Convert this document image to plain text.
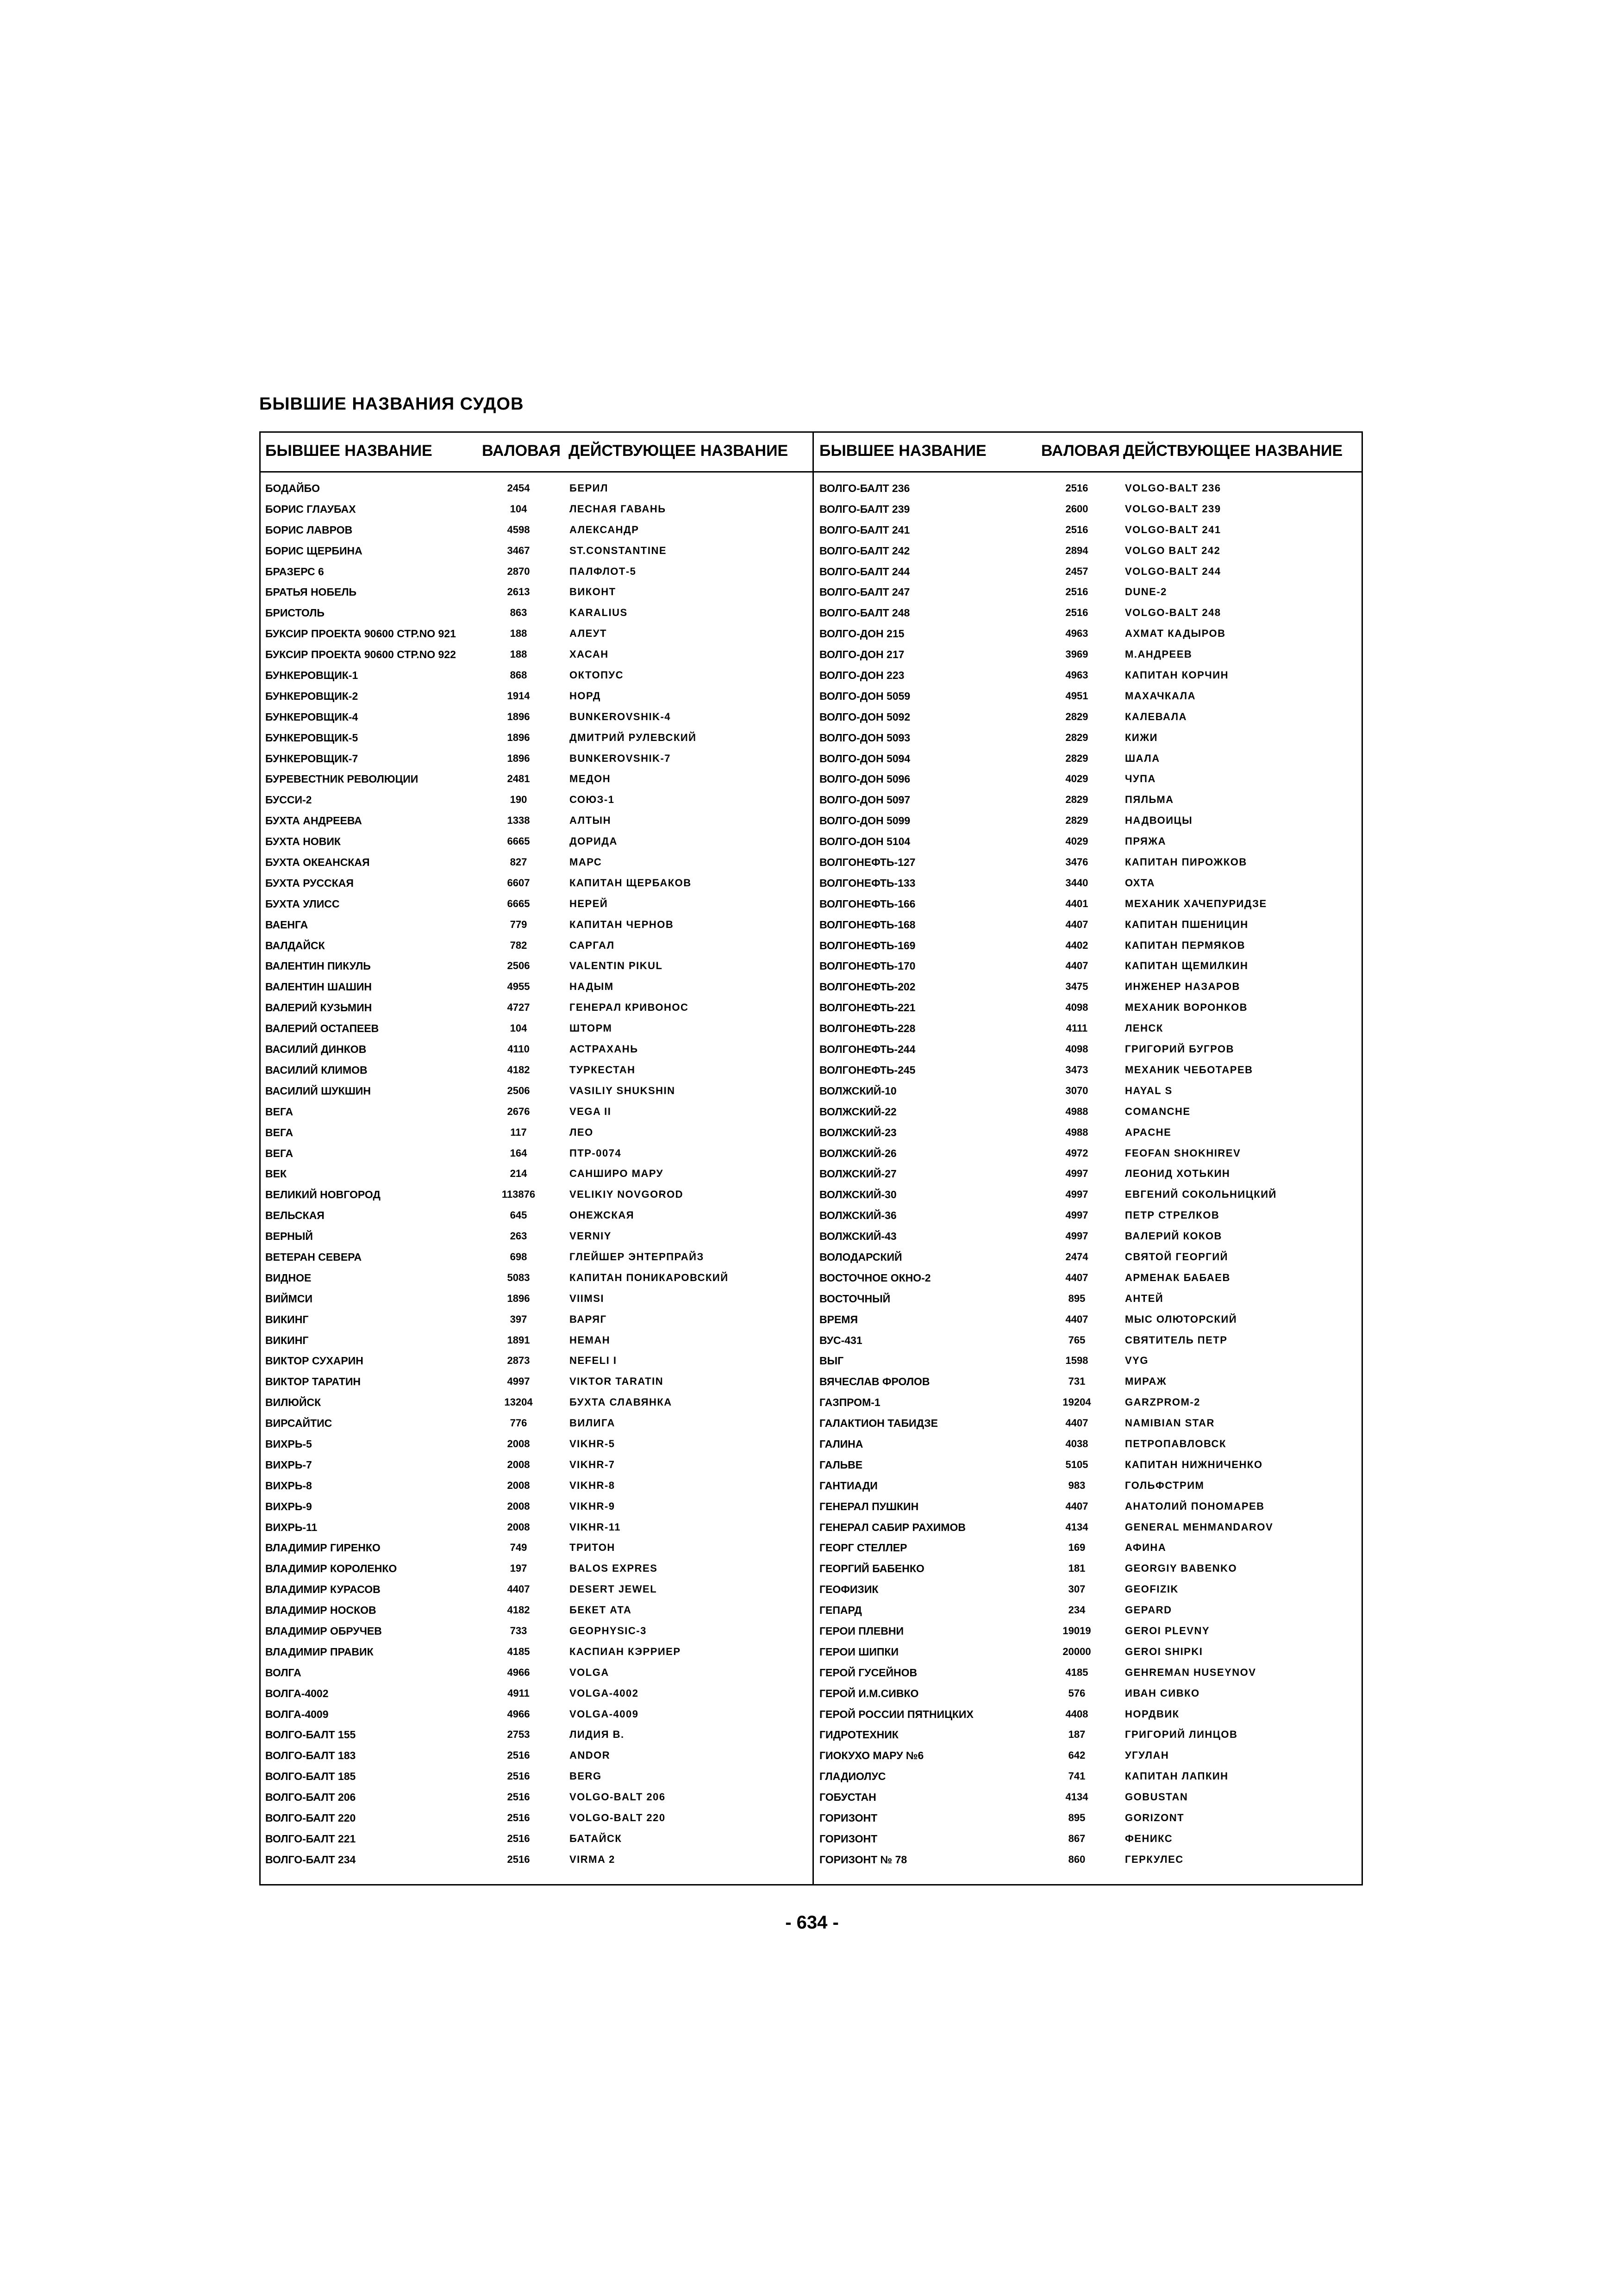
БЫВШИЕ НАЗВАНИЯ СУДОВ
БЫВШЕЕ НАЗВАНИЕ	ВАЛОВАЯ ДЕЙСТВУЮЩЕЕ НАЗВАНИЕ
БОДАЙБО	2454	БЕРИЛ
БОРИС ГЛАУБАХ	104	ЛЕСНАЯ ГАВАНЬ
БОРИС ЛАВРОВ	4598	АЛЕКСАНДР
БОРИС ЩЕРБИНА	3467	ST.CONSTANTINE
БРАЗЕРС 6	2870	ПАЛФЛОТ-5
БРАТЬЯ НОБЕЛЬ	2613	ВИКОНТ
БРИСТОЛЬ	863	KARALIUS
БУКСИР ПРОЕКТА 90600 СТР.NO 921	188	АЛЕУТ
БУКСИР ПРОЕКТА 90600 СТР.NO 922	188	ХАСАН
БУНКЕРОВЩИК-1	868	ОКТОПУС
БУНКЕРОВЩИК-2	1914	НОРД
БУНКЕРОВЩИК-4	1896	BUNKEROVSHIK-4
БУНКЕРОВЩИК-5	1896	ДМИТРИЙ РУЛЕВСКИЙ
БУНКЕРОВЩИК-7	1896	BUNKEROVSHIK-7
БУРЕВЕСТНИК РЕВОЛЮЦИИ	2481	МЕДОН
БУССИ-2	190	СОЮЗ-1
БУХТА АНДРЕЕВА	1338	АЛТЫН
БУХТА НОВИК	6665	ДОРИДА
БУХТА ОКЕАНСКАЯ	827	МАРС
БУХТА РУССКАЯ	6607	КАПИТАН ЩЕРБАКОВ
БУХТА УЛИСС	6665	НЕРЕЙ
ВАЕНГА	779	КАПИТАН ЧЕРНОВ
ВАЛДАЙСК	782	САРГАЛ
ВАЛЕНТИН ПИКУЛЬ	2506	VALENTIN PIKUL
ВАЛЕНТИН ШАШИН	4955	НАДЫМ
ВАЛЕРИЙ КУЗЬМИН	4727	ГЕНЕРАЛ КРИВОНОС
ВАЛЕРИЙ ОСТАПЕЕВ	104	ШТОРМ
ВАСИЛИЙ ДИНКОВ	4110	АСТРАХАНЬ
ВАСИЛИЙ КЛИМОВ	4182	ТУРКЕСТАН
ВАСИЛИЙ ШУКШИН	2506	VASILIY SHUKSHIN
ВЕГА	2676	VEGA II
ВЕГА	117	ЛЕО
ВЕГА	164	ПТР-0074
ВЕК	214	САНШИРО МАРУ
ВЕЛИКИЙ НОВГОРОД	113876	VELIKIY NOVGOROD
ВЕЛЬСКАЯ	645	ОНЕЖСКАЯ
ВЕРНЫЙ	263	VERNIY
ВЕТЕРАН СЕВЕРА	698	ГЛЕЙШЕР ЭНТЕРПРАЙЗ
ВИДНОЕ	5083	КАПИТАН ПОНИКАРОВСКИЙ
ВИЙМСИ	1896	VIIMSI
ВИКИНГ	397	ВАРЯГ
ВИКИНГ	1891	НЕМАН
ВИКТОР СУХАРИН	2873	NEFELI I
ВИКТОР ТАРАТИН	4997	VIKTOR TARATIN
ВИЛЮЙСК	13204	БУХТА СЛАВЯНКА
ВИРСАЙТИС	776	ВИЛИГА
ВИХРЬ-5	2008	VIKHR-5
ВИХРЬ-7	2008	VIKHR-7
ВИХРЬ-8	2008	VIKHR-8
ВИХРЬ-9	2008	VIKHR-9
ВИХРЬ-11	2008	VIKHR-11
ВЛАДИМИР ГИРЕНКО	749	ТРИТОН
ВЛАДИМИР КОРОЛЕНКО	197	BALOS EXPRES
ВЛАДИМИР КУРАСОВ	4407	DESERT JEWEL
ВЛАДИМИР НОСКОВ	4182	БЕКЕТ АТА
ВЛАДИМИР ОБРУЧЕВ	733	GEOPHYSIC-3
ВЛАДИМИР ПРАВИК	4185	КАСПИАН КЭРРИЕР
ВОЛГА	4966	VOLGA
ВОЛГА-4002	4911	VOLGA-4002
ВОЛГА-4009	4966	VOLGA-4009
ВОЛГО-БАЛТ 155	2753	ЛИДИЯ В.
ВОЛГО-БАЛТ 183	2516	ANDOR
ВОЛГО-БАЛТ 185	2516	BERG
ВОЛГО-БАЛТ 206	2516	VOLGO-BALT 206
ВОЛГО-БАЛТ 220	2516	VOLGO-BALT 220
ВОЛГО-БАЛТ 221	2516	БАТАЙСК
ВОЛГО-БАЛТ 234	2516	VIRMA 2
БЫВШЕЕ НАЗВАНИЕ	ВАЛОВАЯ ДЕЙСТВУЮЩЕЕ НАЗВАНИЕ
ВОЛГО-БАЛТ 236	2516	VOLGO-BALT 236
ВОЛГО-БАЛТ 239	2600	VOLGO-BALT 239
ВОЛГО-БАЛТ 241	2516	VOLGO-BALT 241
ВОЛГО-БАЛТ 242	2894	VOLGO BALT 242
ВОЛГО-БАЛТ 244	2457	VOLGO-BALT 244
ВОЛГО-БАЛТ 247	2516	DUNE-2
ВОЛГО-БАЛТ 248	2516	VOLGO-BALT 248
ВОЛГО-ДОН 215	4963	АХМАТ КАДЫРОВ
ВОЛГО-ДОН 217	3969	М.АНДРЕЕВ
ВОЛГО-ДОН 223	4963	КАПИТАН КОРЧИН
ВОЛГО-ДОН 5059	4951	МАХАЧКАЛА
ВОЛГО-ДОН 5092	2829	КАЛЕВАЛА
ВОЛГО-ДОН 5093	2829	КИЖИ
ВОЛГО-ДОН 5094	2829	ШАЛА
ВОЛГО-ДОН 5096	4029	ЧУПА
ВОЛГО-ДОН 5097	2829	ПЯЛЬМА
ВОЛГО-ДОН 5099	2829	НАДВОИЦЫ
ВОЛГО-ДОН 5104	4029	ПРЯЖА
ВОЛГОНЕФТЬ-127	3476	КАПИТАН ПИРОЖКОВ
ВОЛГОНЕФТЬ-133	3440	ОХТА
ВОЛГОНЕФТЬ-166	4401	МЕХАНИК ХАЧЕПУРИДЗЕ
ВОЛГОНЕФТЬ-168	4407	КАПИТАН ПШЕНИЦИН
ВОЛГОНЕФТЬ-169	4402	КАПИТАН ПЕРМЯКОВ
ВОЛГОНЕФТЬ-170	4407	КАПИТАН ЩЕМИЛКИН
ВОЛГОНЕФТЬ-202	3475	ИНЖЕНЕР НАЗАРОВ
ВОЛГОНЕФТЬ-221	4098	МЕХАНИК ВОРОНКОВ
ВОЛГОНЕФТЬ-228	4111	ЛЕНСК
ВОЛГОНЕФТЬ-244	4098	ГРИГОРИЙ БУГРОВ
ВОЛГОНЕФТЬ-245	3473	МЕХАНИК ЧЕБОТАРЕВ
ВОЛЖСКИЙ-10	3070	HAYAL S
ВОЛЖСКИЙ-22	4988	COMANCHE
ВОЛЖСКИЙ-23	4988	APACHE
ВОЛЖСКИЙ-26	4972	FEOFAN SHOKHIREV
ВОЛЖСКИЙ-27	4997	ЛЕОНИД ХОТЬКИН
ВОЛЖСКИЙ-30	4997	ЕВГЕНИЙ СОКОЛЬНИЦКИЙ
ВОЛЖСКИЙ-36	4997	ПЕТР СТРЕЛКОВ
ВОЛЖСКИЙ-43	4997	ВАЛЕРИЙ КОКОВ
ВОЛОДАРСКИЙ	2474	СВЯТОЙ ГЕОРГИЙ
ВОСТОЧНОЕ ОКНО-2	4407	АРМЕНАК БАБАЕВ
ВОСТОЧНЫЙ	895	АНТЕЙ
ВРЕМЯ	4407	МЫС ОЛЮТОРСКИЙ
ВУС-431	765	СВЯТИТЕЛЬ ПЕТР
ВЫГ	1598	VYG
ВЯЧЕСЛАВ ФРОЛОВ	731	МИРАЖ
ГАЗПРОМ-1	19204	GARZPROM-2
ГАЛАКТИОН ТАБИДЗЕ	4407	NAMIBIAN STAR
ГАЛИНА	4038	ПЕТРОПАВЛОВСК
ГАЛЬВЕ	5105	КАПИТАН НИЖНИЧЕНКО
ГАНТИАДИ	983	ГОЛЬФСТРИМ
ГЕНЕРАЛ ПУШКИН	4407	АНАТОЛИЙ ПОНОМАРЕВ
ГЕНЕРАЛ САБИР РАХИМОВ	4134	GENERAL MEHMANDAROV
ГЕОРГ СТЕЛЛЕР	169	АФИНА
ГЕОРГИЙ БАБЕНКО	181	GEORGIY BABENKO
ГЕОФИЗИК	307	GEOFIZIK
ГЕПАРД	234	GEPARD
ГЕРОИ ПЛЕВНИ	19019	GEROI PLEVNY
ГЕРОИ ШИПКИ	20000	GEROI SHIPKI
ГЕРОЙ ГУСЕЙНОВ	4185	GEHREMAN HUSEYNOV
ГЕРОЙ И.М.СИВКО	576	ИВАН СИВКО
ГЕРОЙ РОССИИ ПЯТНИЦКИХ	4408	НОРДВИК
ГИДРОТЕХНИК	187	ГРИГОРИЙ ЛИНЦОВ
ГИОКУХО МАРУ №6	642	УГУЛАН
ГЛАДИОЛУС	741	КАПИТАН ЛАПКИН
ГОБУСТАН	4134	GOBUSTAN
ГОРИЗОНТ	895	GORIZONT
ГОРИЗОНТ	867	ФЕНИКС
ГОРИЗОНТ № 78	860	ГЕРКУЛЕС
- 634 -
